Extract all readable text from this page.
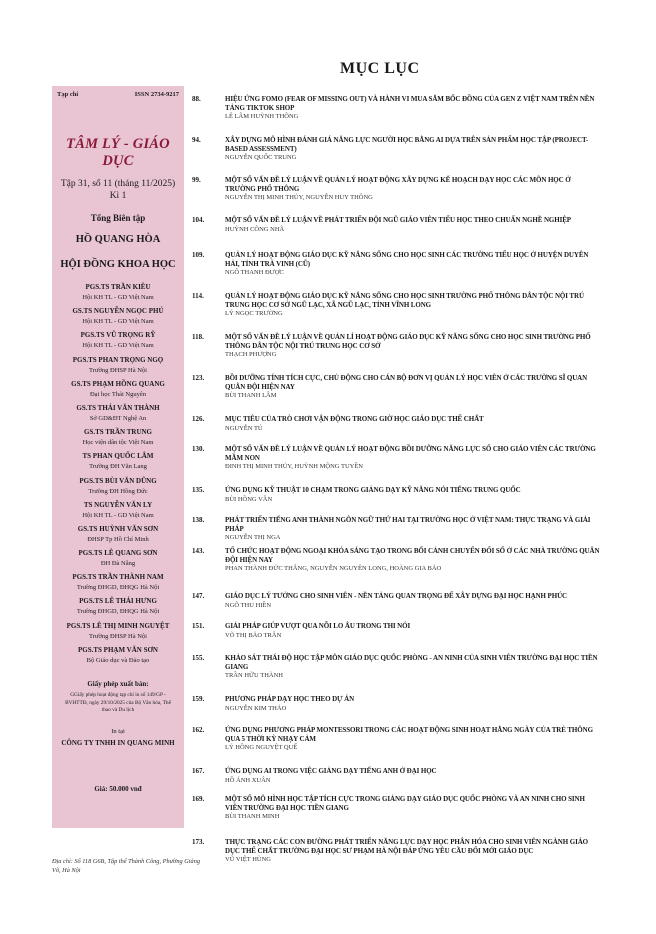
Tạp chí	ISSN 2734-9217
TÂM LÝ - GIÁO DỤC
Tập 31, số 11 (tháng 11/2025)
Kì 1
Tổng Biên tập
HỒ QUANG HÒA
HỘI ĐỒNG KHOA HỌC
PGS.TS TRẦN KIÊU
Hội KH TL - GD Việt Nam
GS.TS NGUYỄN NGỌC PHÚ
Hội KH TL - GD Việt Nam
PGS.TS VŨ TRỌNG RỸ
Hội KH TL - GD Việt Nam
PGS.TS PHAN TRỌNG NGỌ
Trường ĐHSP Hà Nội
GS.TS PHẠM HỒNG QUANG
Đại học Thái Nguyên
GS.TS THÁI VĂN THÀNH
Sở GD&ĐT Nghệ An
GS.TS TRẦN TRUNG
Học viện dân tộc Việt Nam
TS PHAN QUỐC LÂM
Trường ĐH Văn Lang
PGS.TS BÙI VĂN DŨNG
Trường ĐH Hồng Đức
TS NGUYỄN VĂN LY
Hội KH TL - GD Việt Nam
GS.TS HUỲNH VĂN SƠN
ĐHSP Tp Hồ Chí Minh
PGS.TS LÊ QUANG SƠN
ĐH Đà Nẵng
PGS.TS TRẦN THÀNH NAM
Trường ĐHGD, ĐHQG Hà Nội
PGS.TS LÊ THÁI HƯNG
Trường ĐHGD, ĐHQG Hà Nội
PGS.TS LÊ THỊ MINH NGUYỆT
Trường ĐHSP Hà Nội
PGS.TS PHẠM VĂN SƠN
Bộ Giáo dục và Đào tạo
Giấy phép xuất bản:
GGiấy phép hoạt động tạp chí in số 149/GP - BVHTTĐ, ngày 29/10/2025 của Bộ Văn hóa, Thể thao và Du lịch
In tại
CÔNG TY TNHH IN QUANG MINH
Giá: 50.000 vnđ
Địa chỉ: Số 118 G6B, Tập thể Thành Công, Phường Giảng Võ, Hà Nội
MỤC LỤC
88.	HIỆU ỨNG FOMO (FEAR OF MISSING OUT) VÀ HÀNH VI MUA SẮM BỐC ĐỒNG CỦA GEN Z VIỆT NAM TRÊN NỀN TẢNG TIKTOK SHOP
LÊ LÂM HUỲNH THÔNG
94.	XÂY DỰNG MÔ HÌNH ĐÁNH GIÁ NĂNG LỰC NGƯỜI HỌC BẰNG AI DỰA TRÊN SẢN PHẨM HỌC TẬP (PROJECT-BASED ASSESSMENT)
NGUYỄN QUỐC TRUNG
99.	MỘT SỐ VẤN ĐỀ LÝ LUẬN VỀ QUẢN LÝ HOẠT ĐỘNG XÂY DỰNG KẾ HOẠCH DẠY HỌC CÁC MÔN HỌC Ở TRƯỜNG PHỔ THÔNG
NGUYỄN THỊ MINH THỦY, NGUYỄN HUY THÔNG
104.	MỘT SỐ VẤN ĐỀ LÝ LUẬN VỀ PHÁT TRIỂN ĐỘI NGŨ GIÁO VIÊN TIỂU HỌC THEO CHUẨN NGHỀ NGHIỆP
HUỲNH CÔNG NHÃ
109.	QUẢN LÝ HOẠT ĐỘNG GIÁO DỤC KỸ NĂNG SỐNG CHO HỌC SINH CÁC TRƯỜNG TIỂU HỌC Ở HUYỆN DUYÊN HẢI, TỈNH TRÀ VINH (CŨ)
NGÔ THANH ĐƯỢC
114.	QUẢN LÝ HOẠT ĐỘNG GIÁO DỤC KỸ NĂNG SỐNG CHO HỌC SINH TRƯỜNG PHỔ THÔNG DÂN TỘC NỘI TRÚ TRUNG HỌC CƠ SỞ NGŨ LẠC, XÃ NGŨ LẠC, TỈNH VĨNH LONG
LÝ NGỌC TRƯỜNG
118.	MỘT SỐ VẤN ĐỀ LÝ LUẬN VỀ QUẢN LÍ HOẠT ĐỘNG GIÁO DỤC KỸ NĂNG SỐNG CHO HỌC SINH TRƯỜNG PHỔ THÔNG DÂN TỘC NỘI TRÚ TRUNG HỌC CƠ SỞ
THẠCH PHƯỢNG
123.	BỒI DƯỠNG TÍNH TÍCH CỰC, CHỦ ĐỘNG CHO CÁN BỘ ĐƠN VỊ QUẢN LÝ HỌC VIÊN Ở CÁC TRƯỜNG SĨ QUAN QUÂN ĐỘI HIỆN NAY
BÙI THANH LÂM
126.	MỤC TIÊU CỦA TRÒ CHƠI VẬN ĐỘNG TRONG GIỜ HỌC GIÁO DỤC THỂ CHẤT
NGUYỄN TÚ
130.	MỘT SỐ VẤN ĐỀ LÝ LUẬN VỀ QUẢN LÝ HOẠT ĐỘNG BỒI DƯỠNG NĂNG LỰC SỐ CHO GIÁO VIÊN CÁC TRƯỜNG MẦM NON
ĐINH THỊ MINH THỦY, HUỲNH MỘNG TUYỀN
135.	ỨNG DỤNG KỸ THUẬT 10 CHẠM TRONG GIẢNG DẠY KỸ NĂNG NÓI TIẾNG TRUNG QUỐC
BÙI HỒNG VÂN
138.	PHÁT TRIỂN TIẾNG ANH THÀNH NGÔN NGỮ THỨ HAI TẠI TRƯỜNG HỌC Ở VIỆT NAM: THỰC TRẠNG VÀ GIẢI PHÁP
NGUYỄN THỊ NGA
143.	TỔ CHỨC HOẠT ĐỘNG NGOẠI KHÓA SÁNG TẠO TRONG BỐI CẢNH CHUYỂN ĐỔI SỐ Ở CÁC NHÀ TRƯỜNG QUÂN ĐỘI HIỆN NAY
PHAN THÀNH ĐỨC THẮNG, NGUYỄN NGUYÊN LONG, HOÀNG GIA BẢO
147.	GIÁO DỤC LÝ TƯỞNG CHO SINH VIÊN - NỀN TẢNG QUAN TRỌNG ĐỂ XÂY DỰNG ĐẠI HỌC HẠNH PHÚC
NGÔ THU HIỀN
151.	GIẢI PHÁP GIÚP VƯỢT QUA NỖI LO ÂU TRONG THI NÓI
VÕ THỊ BẢO TRÂN
155.	KHẢO SÁT THÁI ĐỘ HỌC TẬP MÔN GIÁO DỤC QUỐC PHÒNG - AN NINH CỦA SINH VIÊN TRƯỜNG ĐẠI HỌC TIỀN GIANG
TRẦN HỮU THÀNH
159.	PHƯƠNG PHÁP DẠY HỌC THEO DỰ ÁN
NGUYỄN KIM THẢO
162.	ỨNG DỤNG PHƯƠNG PHÁP MONTESSORI TRONG CÁC HOẠT ĐỘNG SINH HOẠT HẰNG NGÀY CỦA TRẺ THÔNG QUA 5 THỜI KỲ NHẠY CẢM
LÝ HỒNG NGUYỆT QUẾ
167.	ỨNG DỤNG AI TRONG VIỆC GIẢNG DẠY TIẾNG ANH Ở ĐẠI HỌC
HỒ ÁNH XUÂN
169.	MỘT SỐ MÔ HÌNH HỌC TẬP TÍCH CỰC TRONG GIẢNG DẠY GIÁO DỤC QUỐC PHÒNG VÀ AN NINH CHO SINH VIÊN TRƯỜNG ĐẠI HỌC TIỀN GIANG
BÙI THANH MINH
173.	THỰC TRẠNG CÁC CON ĐƯỜNG PHÁT TRIỂN NĂNG LỰC DẠY HỌC PHÂN HÓA CHO SINH VIÊN NGÀNH GIÁO DỤC THỂ CHẤT TRƯỜNG ĐẠI HỌC SƯ PHẠM HÀ NỘI ĐÁP ỨNG YÊU CẦU ĐỔI MỚI GIÁO DỤC
VŨ VIỆT HÙNG
